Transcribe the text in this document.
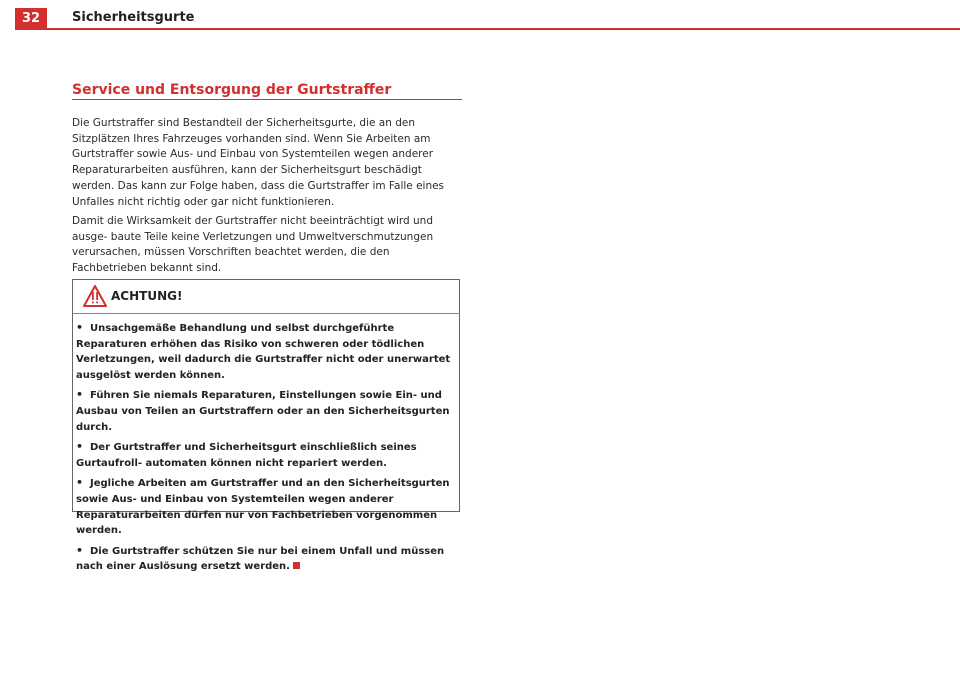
32	Sicherheitsgurte
Service und Entsorgung der Gurtstraffer

Die Gurtstraffer sind Bestandteil der Sicherheitsgurte, die an den Sitzplätzen Ihres Fahrzeuges vorhanden sind. Wenn Sie Arbeiten am Gurtstraffer sowie Aus- und Einbau von Systemteilen wegen anderer Reparaturarbeiten ausführen, kann der Sicherheitsgurt beschädigt werden. Das kann zur Folge haben, dass die Gurtstraffer im Falle eines Unfalles nicht richtig oder gar nicht funktionieren.

Damit die Wirksamkeit der Gurtstraffer nicht beeinträchtigt wird und ausge- baute Teile keine Verletzungen und Umweltverschmutzungen verursachen, müssen Vorschriften beachtet werden, die den Fachbetrieben bekannt sind.

ACHTUNG!
• Unsachgemäße Behandlung und selbst durchgeführte Reparaturen erhöhen das Risiko von schweren oder tödlichen Verletzungen, weil dadurch die Gurtstraffer nicht oder unerwartet ausgelöst werden können.
• Führen Sie niemals Reparaturen, Einstellungen sowie Ein- und Ausbau von Teilen an Gurtstraffern oder an den Sicherheitsgurten durch.
• Der Gurtstraffer und Sicherheitsgurt einschließlich seines Gurtaufroll- automaten können nicht repariert werden.
• Jegliche Arbeiten am Gurtstraffer und an den Sicherheitsgurten sowie Aus- und Einbau von Systemteilen wegen anderer Reparaturarbeiten dürfen nur von Fachbetrieben vorgenommen werden.
• Die Gurtstraffer schützen Sie nur bei einem Unfall und müssen nach einer Auslösung ersetzt werden.
